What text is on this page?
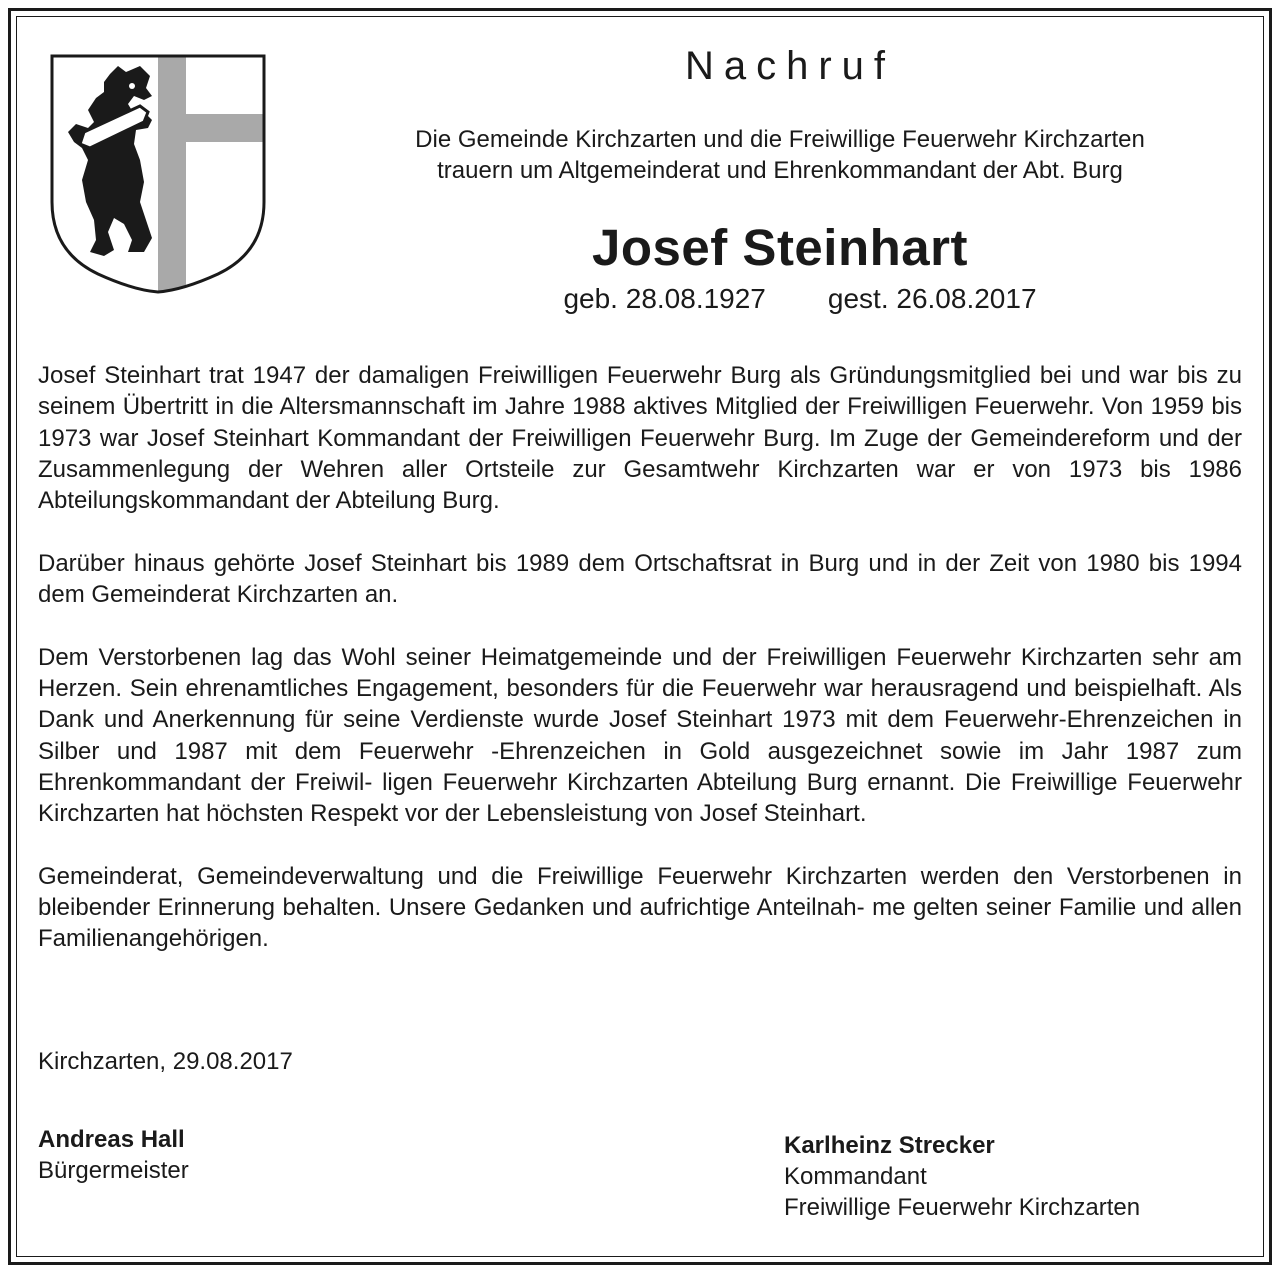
Nachruf
Die Gemeinde Kirchzarten und die Freiwillige Feuerwehr Kirchzarten
trauern um Altgemeinderat und Ehrenkommandant der Abt. Burg
Josef Steinhart
geb. 28.08.1927 gest. 26.08.2017

Josef Steinhart trat 1947 der damaligen Freiwilligen Feuerwehr Burg als Gründungsmitglied bei und war bis zu seinem Übertritt in die Altersmannschaft im Jahre 1988 aktives Mitglied der Freiwilligen Feuerwehr. Von 1959 bis 1973 war Josef Steinhart Kommandant der Freiwilligen Feuerwehr Burg. Im Zuge der Gemeindereform und der Zusammenlegung der Wehren aller Ortsteile zur Gesamtwehr Kirchzarten war er von 1973 bis 1986 Abteilungskommandant der Abteilung Burg.

Darüber hinaus gehörte Josef Steinhart bis 1989 dem Ortschaftsrat in Burg und in der Zeit von 1980 bis 1994 dem Gemeinderat Kirchzarten an.

Dem Verstorbenen lag das Wohl seiner Heimatgemeinde und der Freiwilligen Feuerwehr Kirchzarten sehr am Herzen. Sein ehrenamtliches Engagement, besonders für die Feuerwehr war herausragend und beispielhaft. Als Dank und Anerkennung für seine Verdienste wurde Josef Steinhart 1973 mit dem Feuerwehr-Ehrenzeichen in Silber und 1987 mit dem Feuerwehr -Ehrenzeichen in Gold ausgezeichnet sowie im Jahr 1987 zum Ehrenkommandant der Freiwil- ligen Feuerwehr Kirchzarten Abteilung Burg ernannt. Die Freiwillige Feuerwehr Kirchzarten hat höchsten Respekt vor der Lebensleistung von Josef Steinhart.

Gemeinderat, Gemeindeverwaltung und die Freiwillige Feuerwehr Kirchzarten werden den Verstorbenen in bleibender Erinnerung behalten. Unsere Gedanken und aufrichtige Anteilnah- me gelten seiner Familie und allen Familienangehörigen.

Kirchzarten, 29.08.2017
Andreas Hall
Bürgermeister
Karlheinz Strecker
Kommandant
Freiwillige Feuerwehr Kirchzarten
